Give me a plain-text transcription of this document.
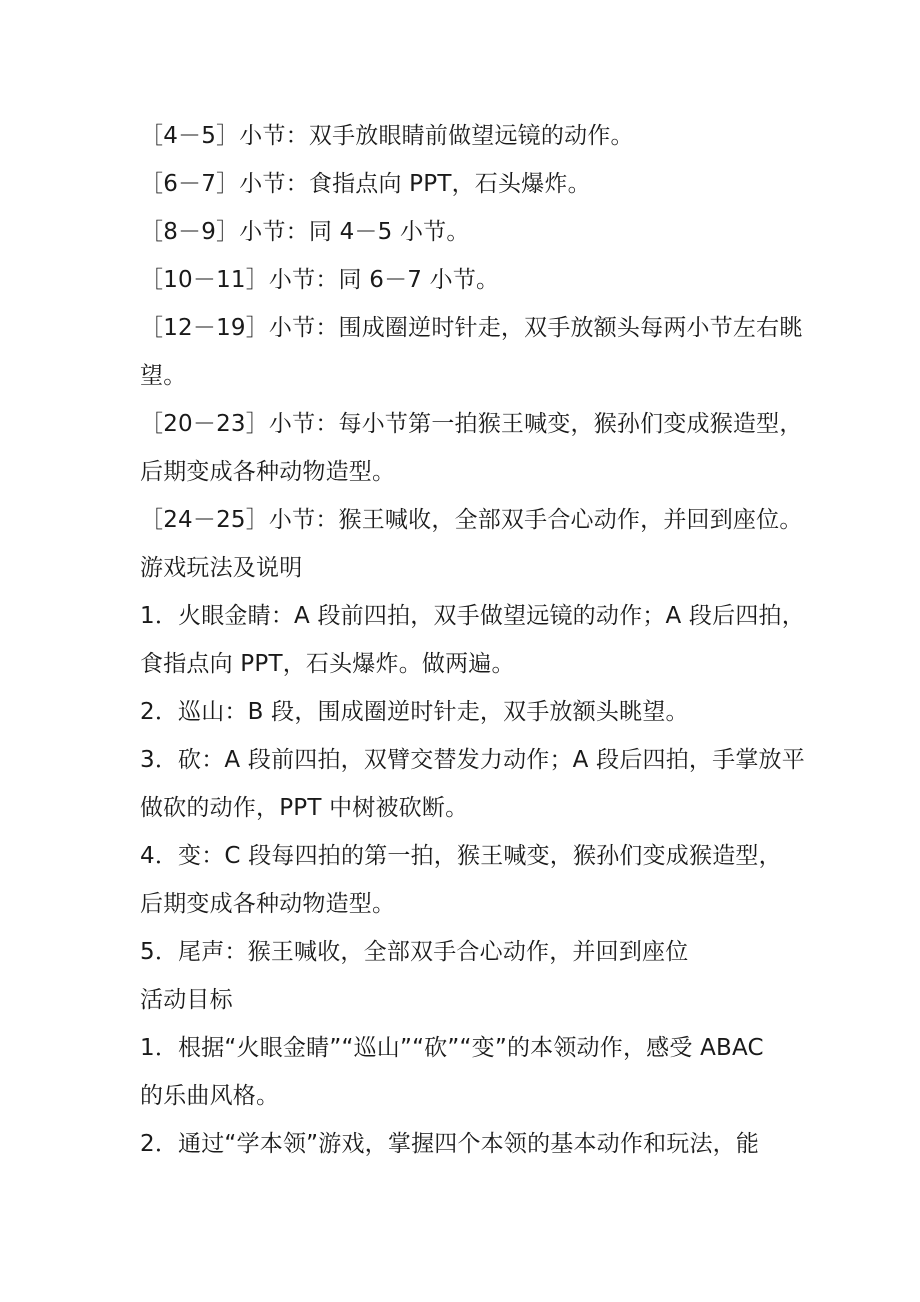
［4－5］小节：双手放眼睛前做望远镜的动作。
［6－7］小节：食指点向 PPT，石头爆炸。
［8－9］小节：同 4－5 小节。
［10－11］小节：同 6－7 小节。
［12－19］小节：围成圈逆时针走，双手放额头每两小节左右眺
望。
［20－23］小节：每小节第一拍猴王喊变，猴孙们变成猴造型，
后期变成各种动物造型。
［24－25］小节：猴王喊收，全部双手合心动作，并回到座位。
游戏玩法及说明
1．火眼金睛：A 段前四拍，双手做望远镜的动作；A 段后四拍，
食指点向 PPT，石头爆炸。做两遍。
2．巡山：B 段，围成圈逆时针走，双手放额头眺望。
3．砍：A 段前四拍，双臂交替发力动作；A 段后四拍，手掌放平
做砍的动作，PPT 中树被砍断。
4．变：C 段每四拍的第一拍，猴王喊变，猴孙们变成猴造型，
后期变成各种动物造型。
5．尾声：猴王喊收，全部双手合心动作，并回到座位
活动目标
1．根据“火眼金睛”“巡山”“砍”“变”的本领动作，感受 ABAC
的乐曲风格。
2．通过“学本领”游戏，掌握四个本领的基本动作和玩法，能
